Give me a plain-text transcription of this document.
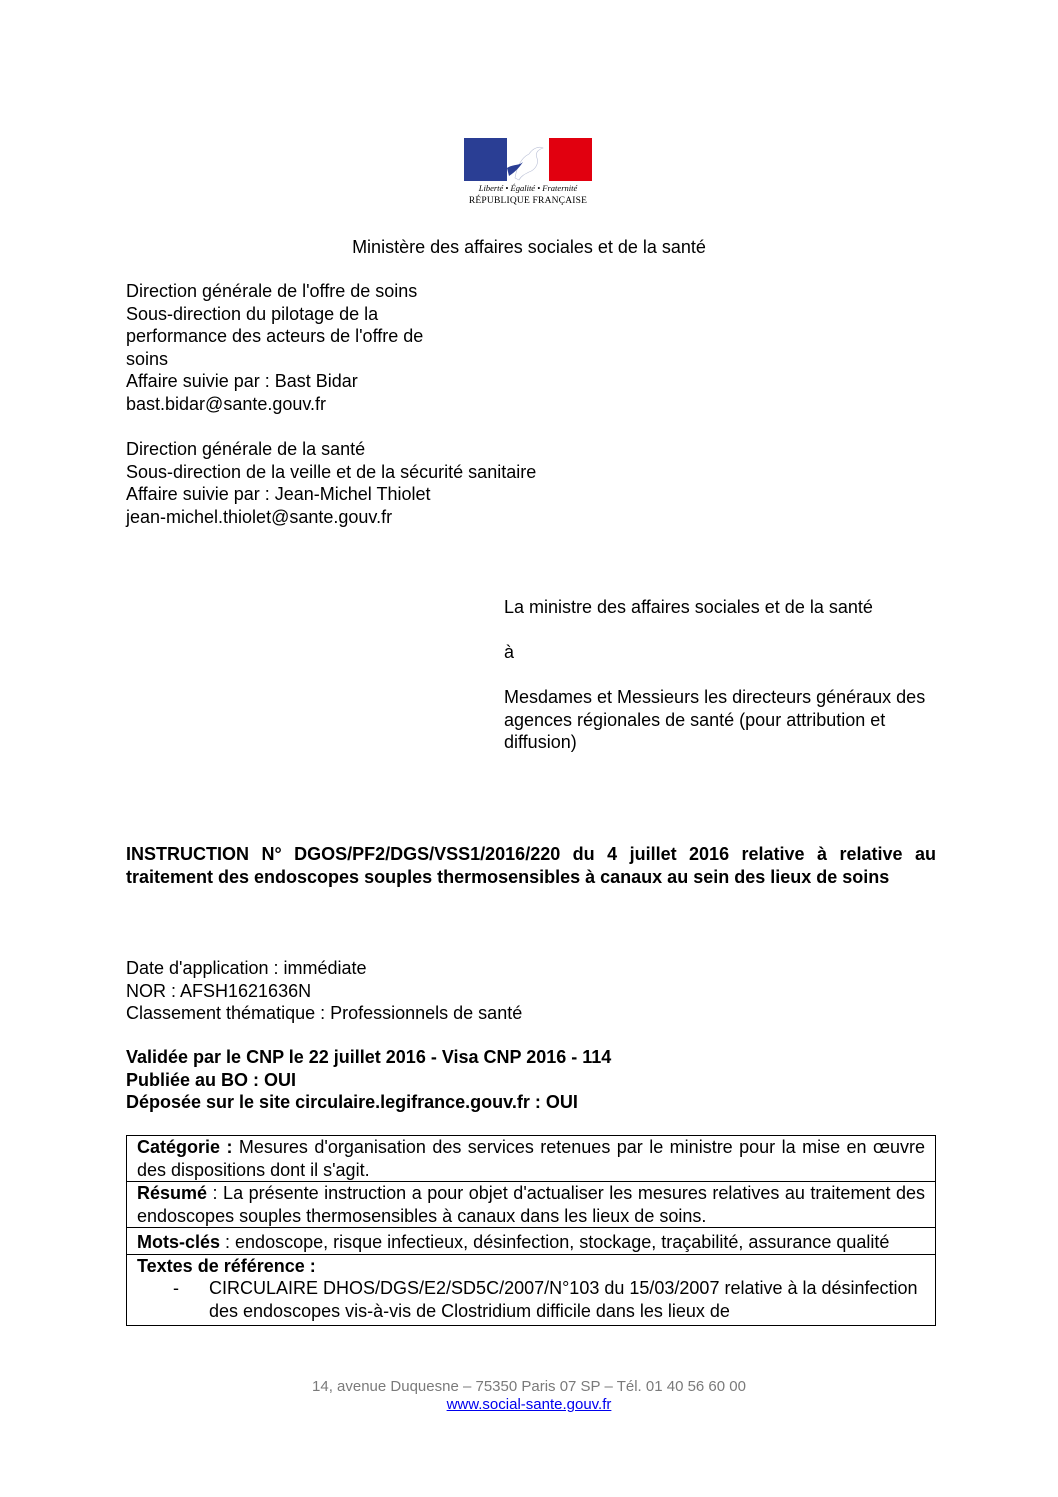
Liberté • Égalité • Fraternité
RÉPUBLIQUE FRANÇAISE
Ministère des affaires sociales et de la santé
Direction générale de l'offre de soins
Sous-direction du pilotage de la
performance des acteurs de l'offre de
soins
Affaire suivie par : Bast Bidar
bast.bidar@sante.gouv.fr
Direction générale de la santé
Sous-direction de la veille et de la sécurité sanitaire
Affaire suivie par : Jean-Michel Thiolet
jean-michel.thiolet@sante.gouv.fr

La ministre des affaires sociales et de la santé

à

Mesdames et Messieurs les directeurs généraux des agences régionales de santé (pour attribution et diffusion)

INSTRUCTION N° DGOS/PF2/DGS/VSS1/2016/220 du 4 juillet 2016 relative à relative au traitement des endoscopes souples thermosensibles à canaux au sein des lieux de soins
Date d'application : immédiate
NOR : AFSH1621636N
Classement thématique : Professionnels de santé
Validée par le CNP le 22 juillet 2016 - Visa CNP 2016 - 114
Publiée au BO : OUI
Déposée sur le site circulaire.legifrance.gouv.fr : OUI
Catégorie : Mesures d'organisation des services retenues par le ministre pour la mise en œuvre des dispositions dont il s'agit.
Résumé : La présente instruction a pour objet d'actualiser les mesures relatives au traitement des endoscopes souples thermosensibles à canaux dans les lieux de soins.
Mots-clés : endoscope, risque infectieux, désinfection, stockage, traçabilité, assurance qualité
Textes de référence :
- CIRCULAIRE DHOS/DGS/E2/SD5C/2007/N°103 du 15/03/2007 relative à la désinfection des endoscopes vis-à-vis de Clostridium difficile dans les lieux de
14, avenue Duquesne – 75350 Paris 07 SP – Tél. 01 40 56 60 00
www.social-sante.gouv.fr
